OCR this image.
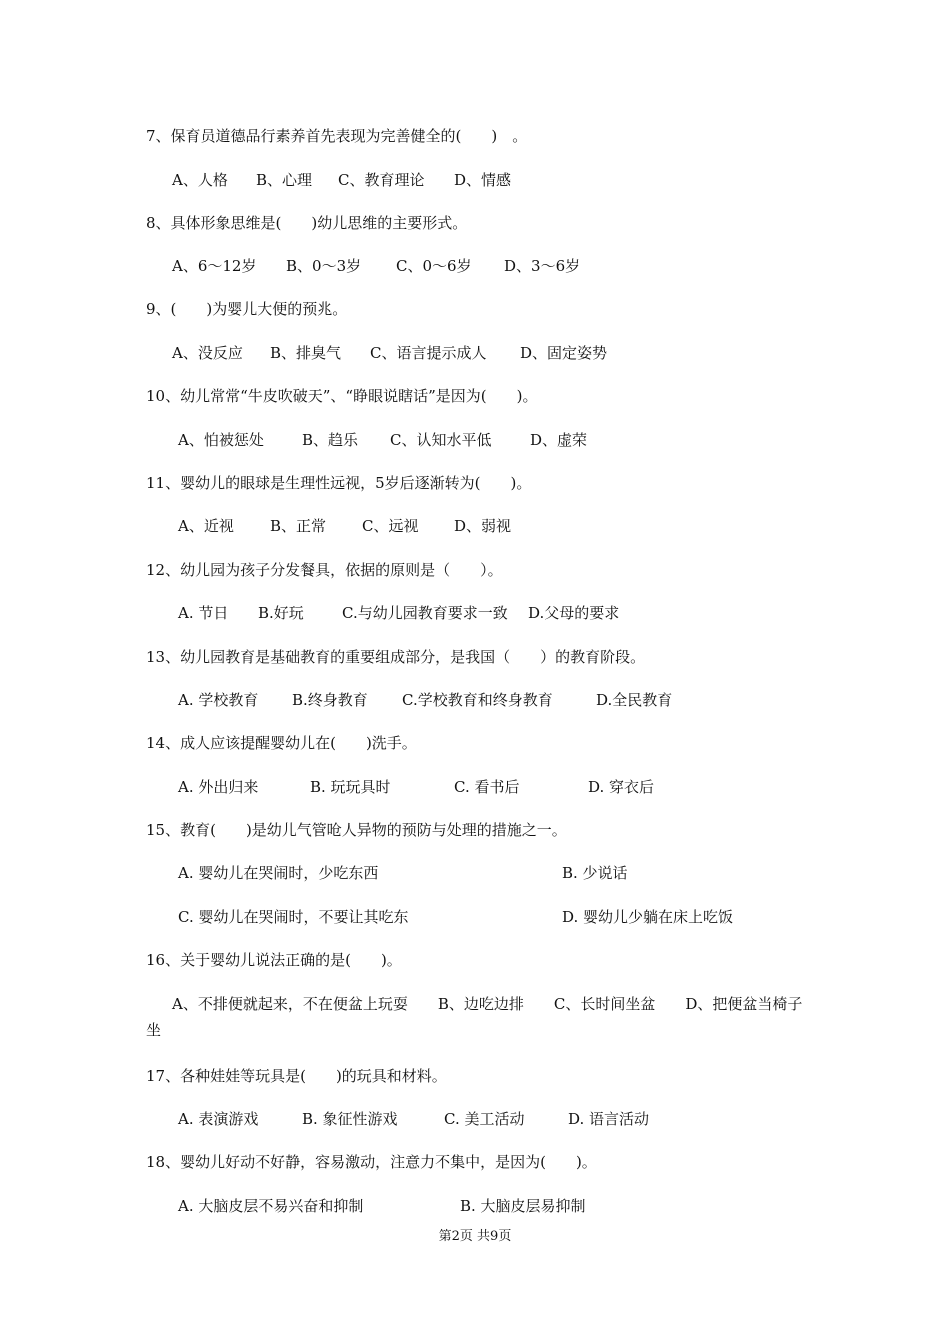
7、保育员道德品行素养首先表现为完善健全的(　　)　。
A、人格 B、心理 C、教育理论 D、情感
8、具体形象思维是(　　)幼儿思维的主要形式。
A、6～12岁 B、0～3岁 C、0～6岁 D、3～6岁
9、(　　)为婴儿大便的预兆。
A、没反应 B、排臭气 C、语言提示成人 D、固定姿势
10、幼儿常常“牛皮吹破天”、“睁眼说瞎话”是因为(　　)。
A、怕被惩处	B、趋乐 C、认知水平低	D、虚荣
11、婴幼儿的眼球是生理性远视，5岁后逐渐转为(　　)。
A、近视 B、正常 C、远视 D、弱视
12、幼儿园为孩子分发餐具，依据的原则是（　　）。
A. 节日 B.好玩	C.与幼儿园教育要求一致 D.父母的要求
13、幼儿园教育是基础教育的重要组成部分，是我国（　　）的教育阶段。
A. 学校教育 B.终身教育 C.学校教育和终身教育	D.全民教育
14、成人应该提醒婴幼儿在(　　)洗手。
A. 外出归来	B. 玩玩具时	C. 看书后	D. 穿衣后
15、教育(　　)是幼儿气管呛人异物的预防与处理的措施之一。
A. 婴幼儿在哭闹时，少吃东西	B. 少说话
C. 婴幼儿在哭闹时，不要让其吃东	D. 婴幼儿少躺在床上吃饭
16、关于婴幼儿说法正确的是(　　)。
A、不排便就起来，不在便盆上玩耍　　B、边吃边排　　C、长时间坐盆　　D、把便盆当椅子坐
17、各种娃娃等玩具是(　　)的玩具和材料。
A. 表演游戏	B. 象征性游戏	C. 美工活动	D. 语言活动
18、婴幼儿好动不好静，容易激动，注意力不集中，是因为(　　)。
A. 大脑皮层不易兴奋和抑制	B. 大脑皮层易抑制
第2页 共9页
